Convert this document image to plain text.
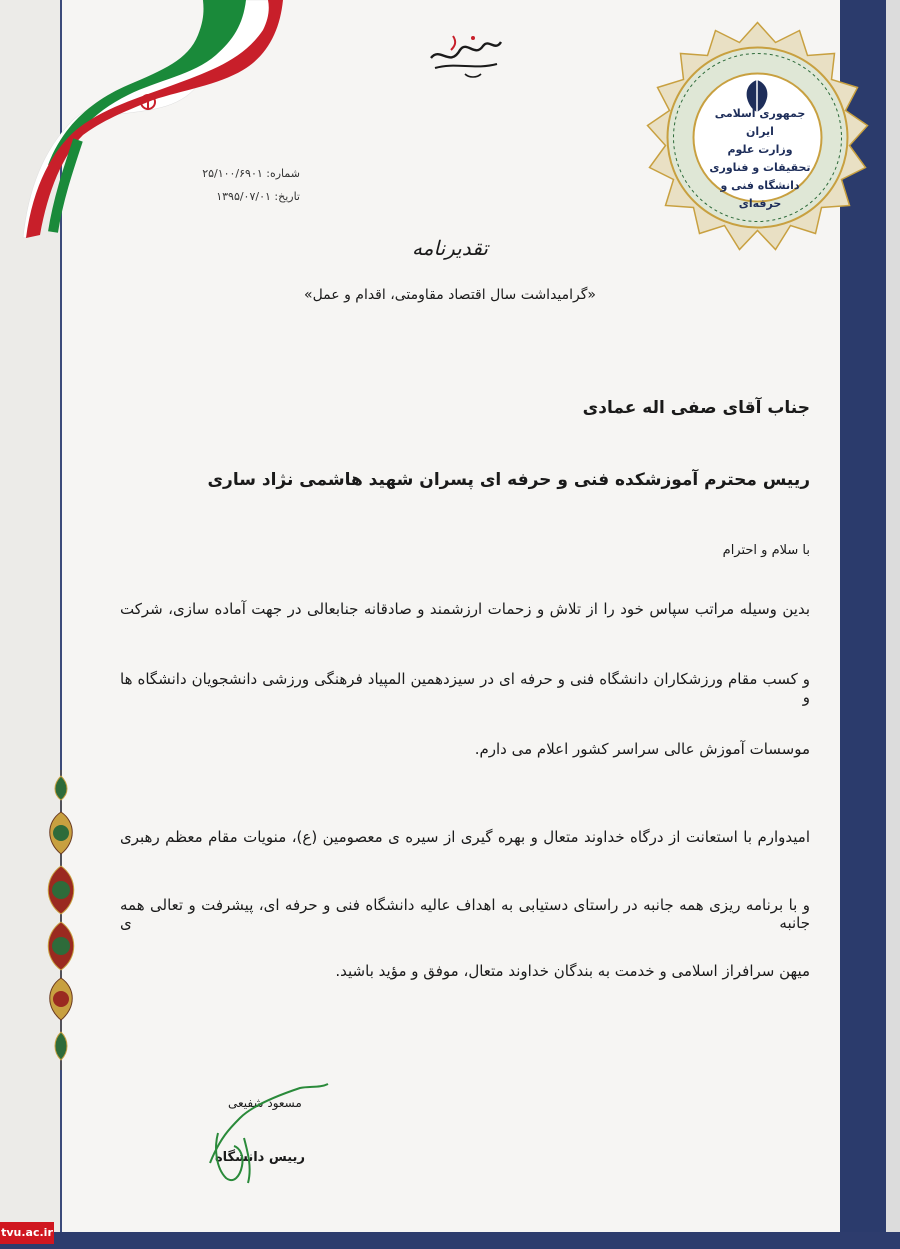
جمهوری اسلامی ایران
وزارت علوم تحقیقات و فناوری
دانشگاه فنی و حرفه‌ای
شماره: ۲۵/۱۰۰/۶۹۰۱
تاریخ: ۱۳۹۵/۰۷/۰۱
تقدیرنامه
«گرامیداشت سال اقتصاد مقاومتی، اقدام و عمل»
جناب آقای صفی اله عمادی
رییس محترم آموزشکده فنی و حرفه ای پسران شهید هاشمی نژاد ساری
با سلام و احترام
بدین وسیله مراتب سپاس خود را از تلاش و زحمات ارزشمند و صادقانه جنابعالی در جهت آماده سازی، شرکت
و کسب مقام ورزشکاران دانشگاه فنی و حرفه ای در سیزدهمین المپیاد فرهنگی ورزشی دانشجویان دانشگاه ها و
موسسات آموزش عالی سراسر کشور اعلام می دارم.
امیدوارم با استعانت از درگاه خداوند متعال و بهره گیری از سیره ی معصومین (ع)، منویات مقام معظم رهبری
و با برنامه ریزی همه جانبه در راستای دستیابی به اهداف عالیه دانشگاه فنی و حرفه ای، پیشرفت و تعالی همه جانبه ی
میهن سرافراز اسلامی و خدمت به بندگان خداوند متعال، موفق و مؤید باشید.
مسعود شفیعی
رییس دانشگاه
tvu.ac.ir
